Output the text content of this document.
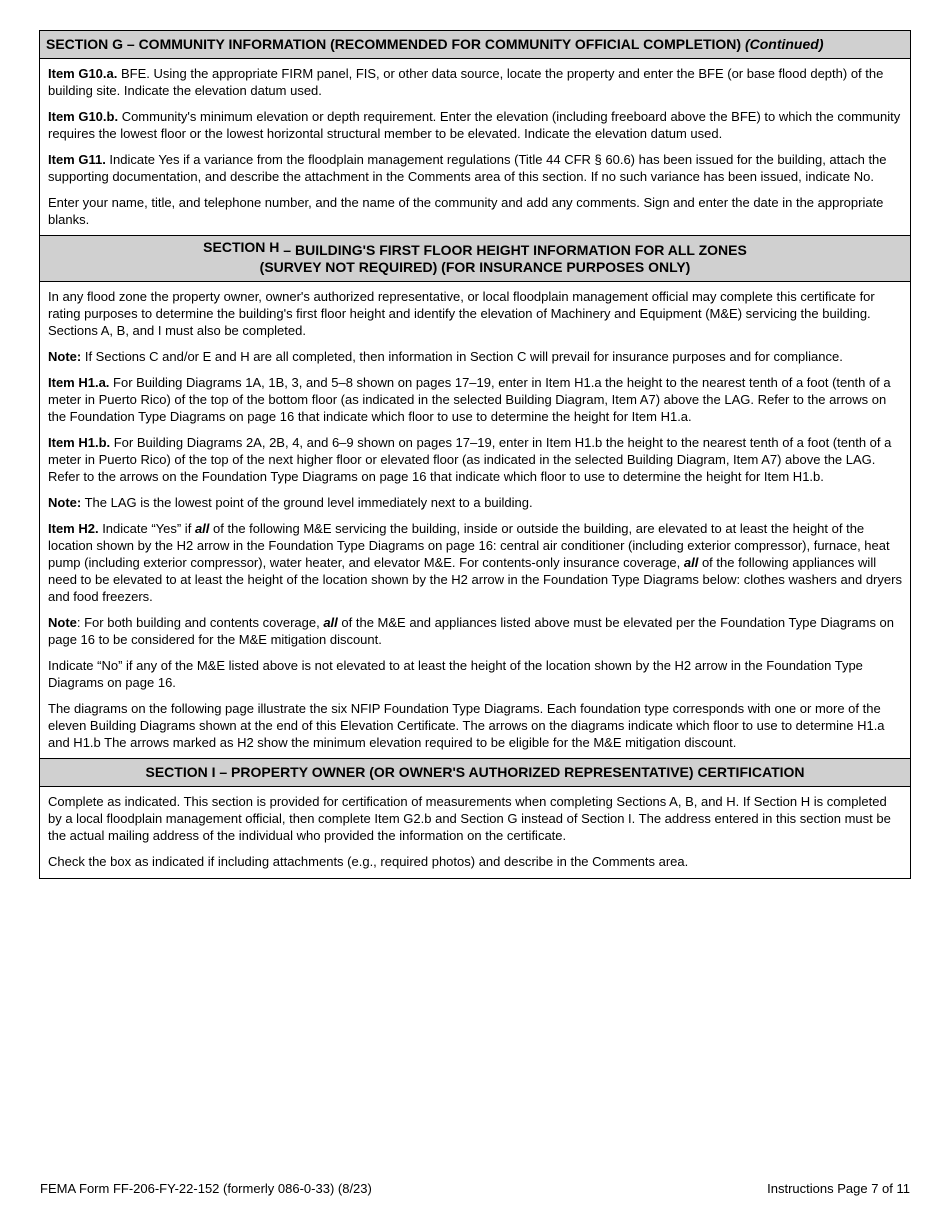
SECTION G – COMMUNITY INFORMATION (RECOMMENDED FOR COMMUNITY OFFICIAL COMPLETION) (Continued)

Item G10.a. BFE. Using the appropriate FIRM panel, FIS, or other data source, locate the property and enter the BFE (or base flood depth) of the building site. Indicate the elevation datum used.

Item G10.b. Community's minimum elevation or depth requirement. Enter the elevation (including freeboard above the BFE) to which the community requires the lowest floor or the lowest horizontal structural member to be elevated. Indicate the elevation datum used.

Item G11. Indicate Yes if a variance from the floodplain management regulations (Title 44 CFR § 60.6) has been issued for the building, attach the supporting documentation, and describe the attachment in the Comments area of this section. If no such variance has been issued, indicate No.

Enter your name, title, and telephone number, and the name of the community and add any comments. Sign and enter the date in the appropriate blanks.

SECTION H – BUILDING'S FIRST FLOOR HEIGHT INFORMATION FOR ALL ZONES
(SURVEY NOT REQUIRED) (FOR INSURANCE PURPOSES ONLY)

In any flood zone the property owner, owner's authorized representative, or local floodplain management official may complete this certificate for rating purposes to determine the building's first floor height and identify the elevation of Machinery and Equipment (M&E) servicing the building. Sections A, B, and I must also be completed.

Note: If Sections C and/or E and H are all completed, then information in Section C will prevail for insurance purposes and for compliance.

Item H1.a. For Building Diagrams 1A, 1B, 3, and 5–8 shown on pages 17–19, enter in Item H1.a the height to the nearest tenth of a foot (tenth of a meter in Puerto Rico) of the top of the bottom floor (as indicated in the selected Building Diagram, Item A7) above the LAG. Refer to the arrows on the Foundation Type Diagrams on page 16 that indicate which floor to use to determine the height for Item H1.a.

Item H1.b. For Building Diagrams 2A, 2B, 4, and 6–9 shown on pages 17–19, enter in Item H1.b the height to the nearest tenth of a foot (tenth of a meter in Puerto Rico) of the top of the next higher floor or elevated floor (as indicated in the selected Building Diagram, Item A7) above the LAG. Refer to the arrows on the Foundation Type Diagrams on page 16 that indicate which floor to use to determine the height for Item H1.b.

Note: The LAG is the lowest point of the ground level immediately next to a building.

Item H2. Indicate “Yes” if all of the following M&E servicing the building, inside or outside the building, are elevated to at least the height of the location shown by the H2 arrow in the Foundation Type Diagrams on page 16: central air conditioner (including exterior compressor), furnace, heat pump (including exterior compressor), water heater, and elevator M&E. For contents-only insurance coverage, all of the following appliances will need to be elevated to at least the height of the location shown by the H2 arrow in the Foundation Type Diagrams below: clothes washers and dryers and food freezers.

Note: For both building and contents coverage, all of the M&E and appliances listed above must be elevated per the Foundation Type Diagrams on page 16 to be considered for the M&E mitigation discount.

Indicate “No” if any of the M&E listed above is not elevated to at least the height of the location shown by the H2 arrow in the Foundation Type Diagrams on page 16.

The diagrams on the following page illustrate the six NFIP Foundation Type Diagrams. Each foundation type corresponds with one or more of the eleven Building Diagrams shown at the end of this Elevation Certificate. The arrows on the diagrams indicate which floor to use to determine H1.a and H1.b The arrows marked as H2 show the minimum elevation required to be eligible for the M&E mitigation discount.

SECTION I – PROPERTY OWNER (OR OWNER'S AUTHORIZED REPRESENTATIVE) CERTIFICATION

Complete as indicated. This section is provided for certification of measurements when completing Sections A, B, and H. If Section H is completed by a local floodplain management official, then complete Item G2.b and Section G instead of Section I. The address entered in this section must be the actual mailing address of the individual who provided the information on the certificate.

Check the box as indicated if including attachments (e.g., required photos) and describe in the Comments area.

FEMA Form FF-206-FY-22-152 (formerly 086-0-33) (8/23)	Instructions Page 7 of 11
